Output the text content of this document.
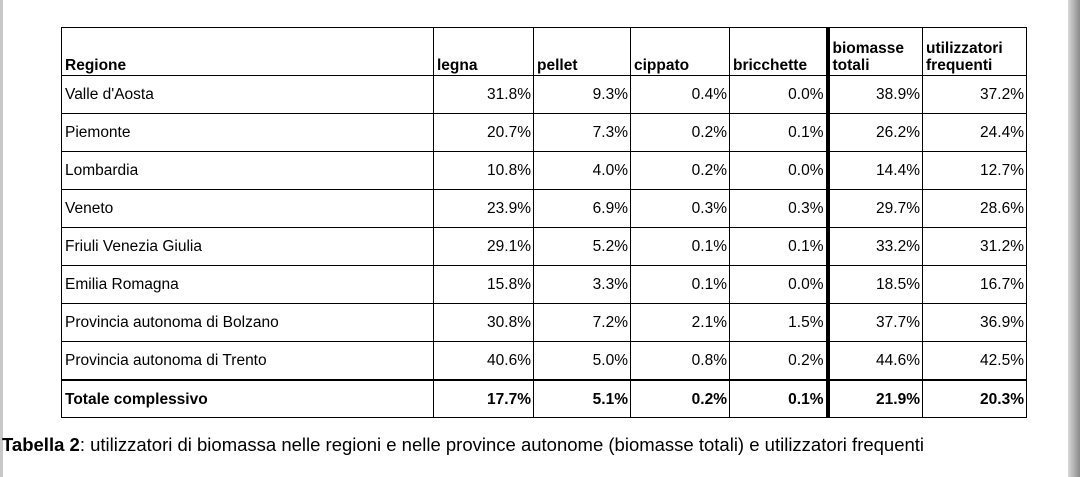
Regione	legna	pellet	cippato	bricchette	biomasse totali	utilizzatori frequenti
Valle d'Aosta	31.8%	9.3%	0.4%	0.0%	38.9%	37.2%
Piemonte	20.7%	7.3%	0.2%	0.1%	26.2%	24.4%
Lombardia	10.8%	4.0%	0.2%	0.0%	14.4%	12.7%
Veneto	23.9%	6.9%	0.3%	0.3%	29.7%	28.6%
Friuli Venezia Giulia	29.1%	5.2%	0.1%	0.1%	33.2%	31.2%
Emilia Romagna	15.8%	3.3%	0.1%	0.0%	18.5%	16.7%
Provincia autonoma di Bolzano	30.8%	7.2%	2.1%	1.5%	37.7%	36.9%
Provincia autonoma di Trento	40.6%	5.0%	0.8%	0.2%	44.6%	42.5%
Totale complessivo	17.7%	5.1%	0.2%	0.1%	21.9%	20.3%
Tabella 2: utilizzatori di biomassa nelle regioni e nelle province autonome (biomasse totali) e utilizzatori frequenti
